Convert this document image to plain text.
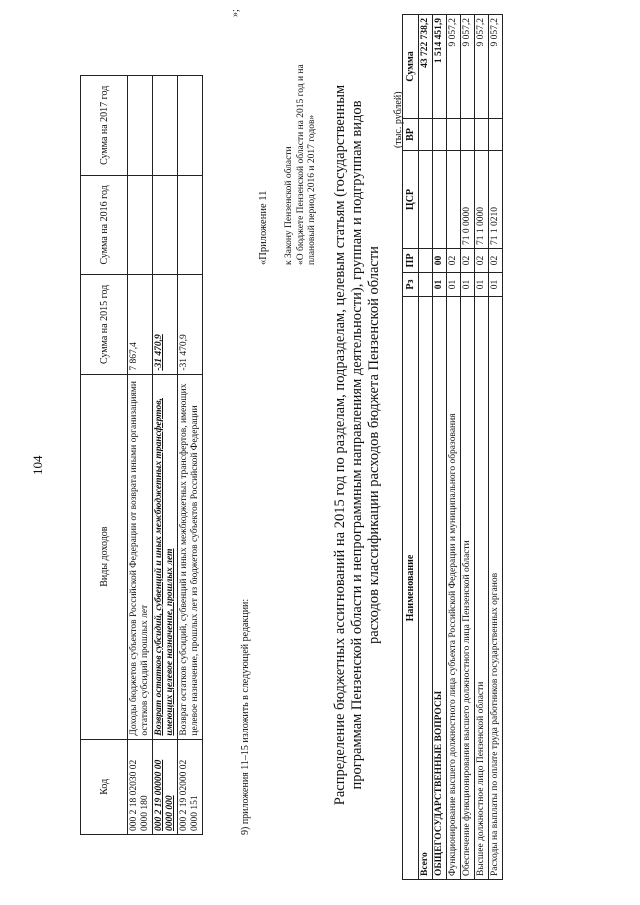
104
Код	Виды доходов	Сумма на 2015 год	Сумма на 2016 год	Сумма на 2017 год
000 2 18 02030 02 0000 180	Доходы бюджетов субъектов Российской Федерации от возврата иными организациями остатков субсидий прошлых лет	7 867,4		
000 2 19 00000 00 0000 000	Возврат остатков субсидий, субвенций и иных межбюджетных трансфертов, имеющих целевое назначение, прошлых лет	-31 470,9		
000 2 19 02000 02 0000 151	Возврат остатков субсидий, субвенций и иных межбюджетных трансфертов, имеющих целевое назначение, прошлых лет из бюджетов субъектов Российской Федерации	-31 470,9		
»;
9) приложения 11–15 изложить в следующей редакции:
«Приложение 11 к Закону Пензенской области «О бюджете Пензенской области на 2015 год и на плановый период 2016 и 2017 годов» Распределение бюджетных ассигнований на 2015 год по разделам, подразделам, целевым статьям (государственным программам Пензенской области и непрограммным направлениям деятельности), группам и подгруппам видов расходов классификации расходов бюджета Пензенской области
(тыс. рублей)
Наименование	Рз	ПР	ЦСР	ВР	Сумма
Всего					43 722 738,2
ОБЩЕГОСУДАРСТВЕННЫЕ ВОПРОСЫ	01	00			1 514 451,9
Функционирование высшего должностного лица субъекта Российской Федерации и муниципального образования	01	02			9 057,2
Обеспечение функционирования высшего должностного лица Пензенской области	01	02	71 0 0000		9 057,2
Высшее должностное лицо Пензенской области	01	02	71 1 0000		9 057,2
Расходы на выплаты по оплате труда работников государственных органов	01	02	71 1 0210		9 057,2
